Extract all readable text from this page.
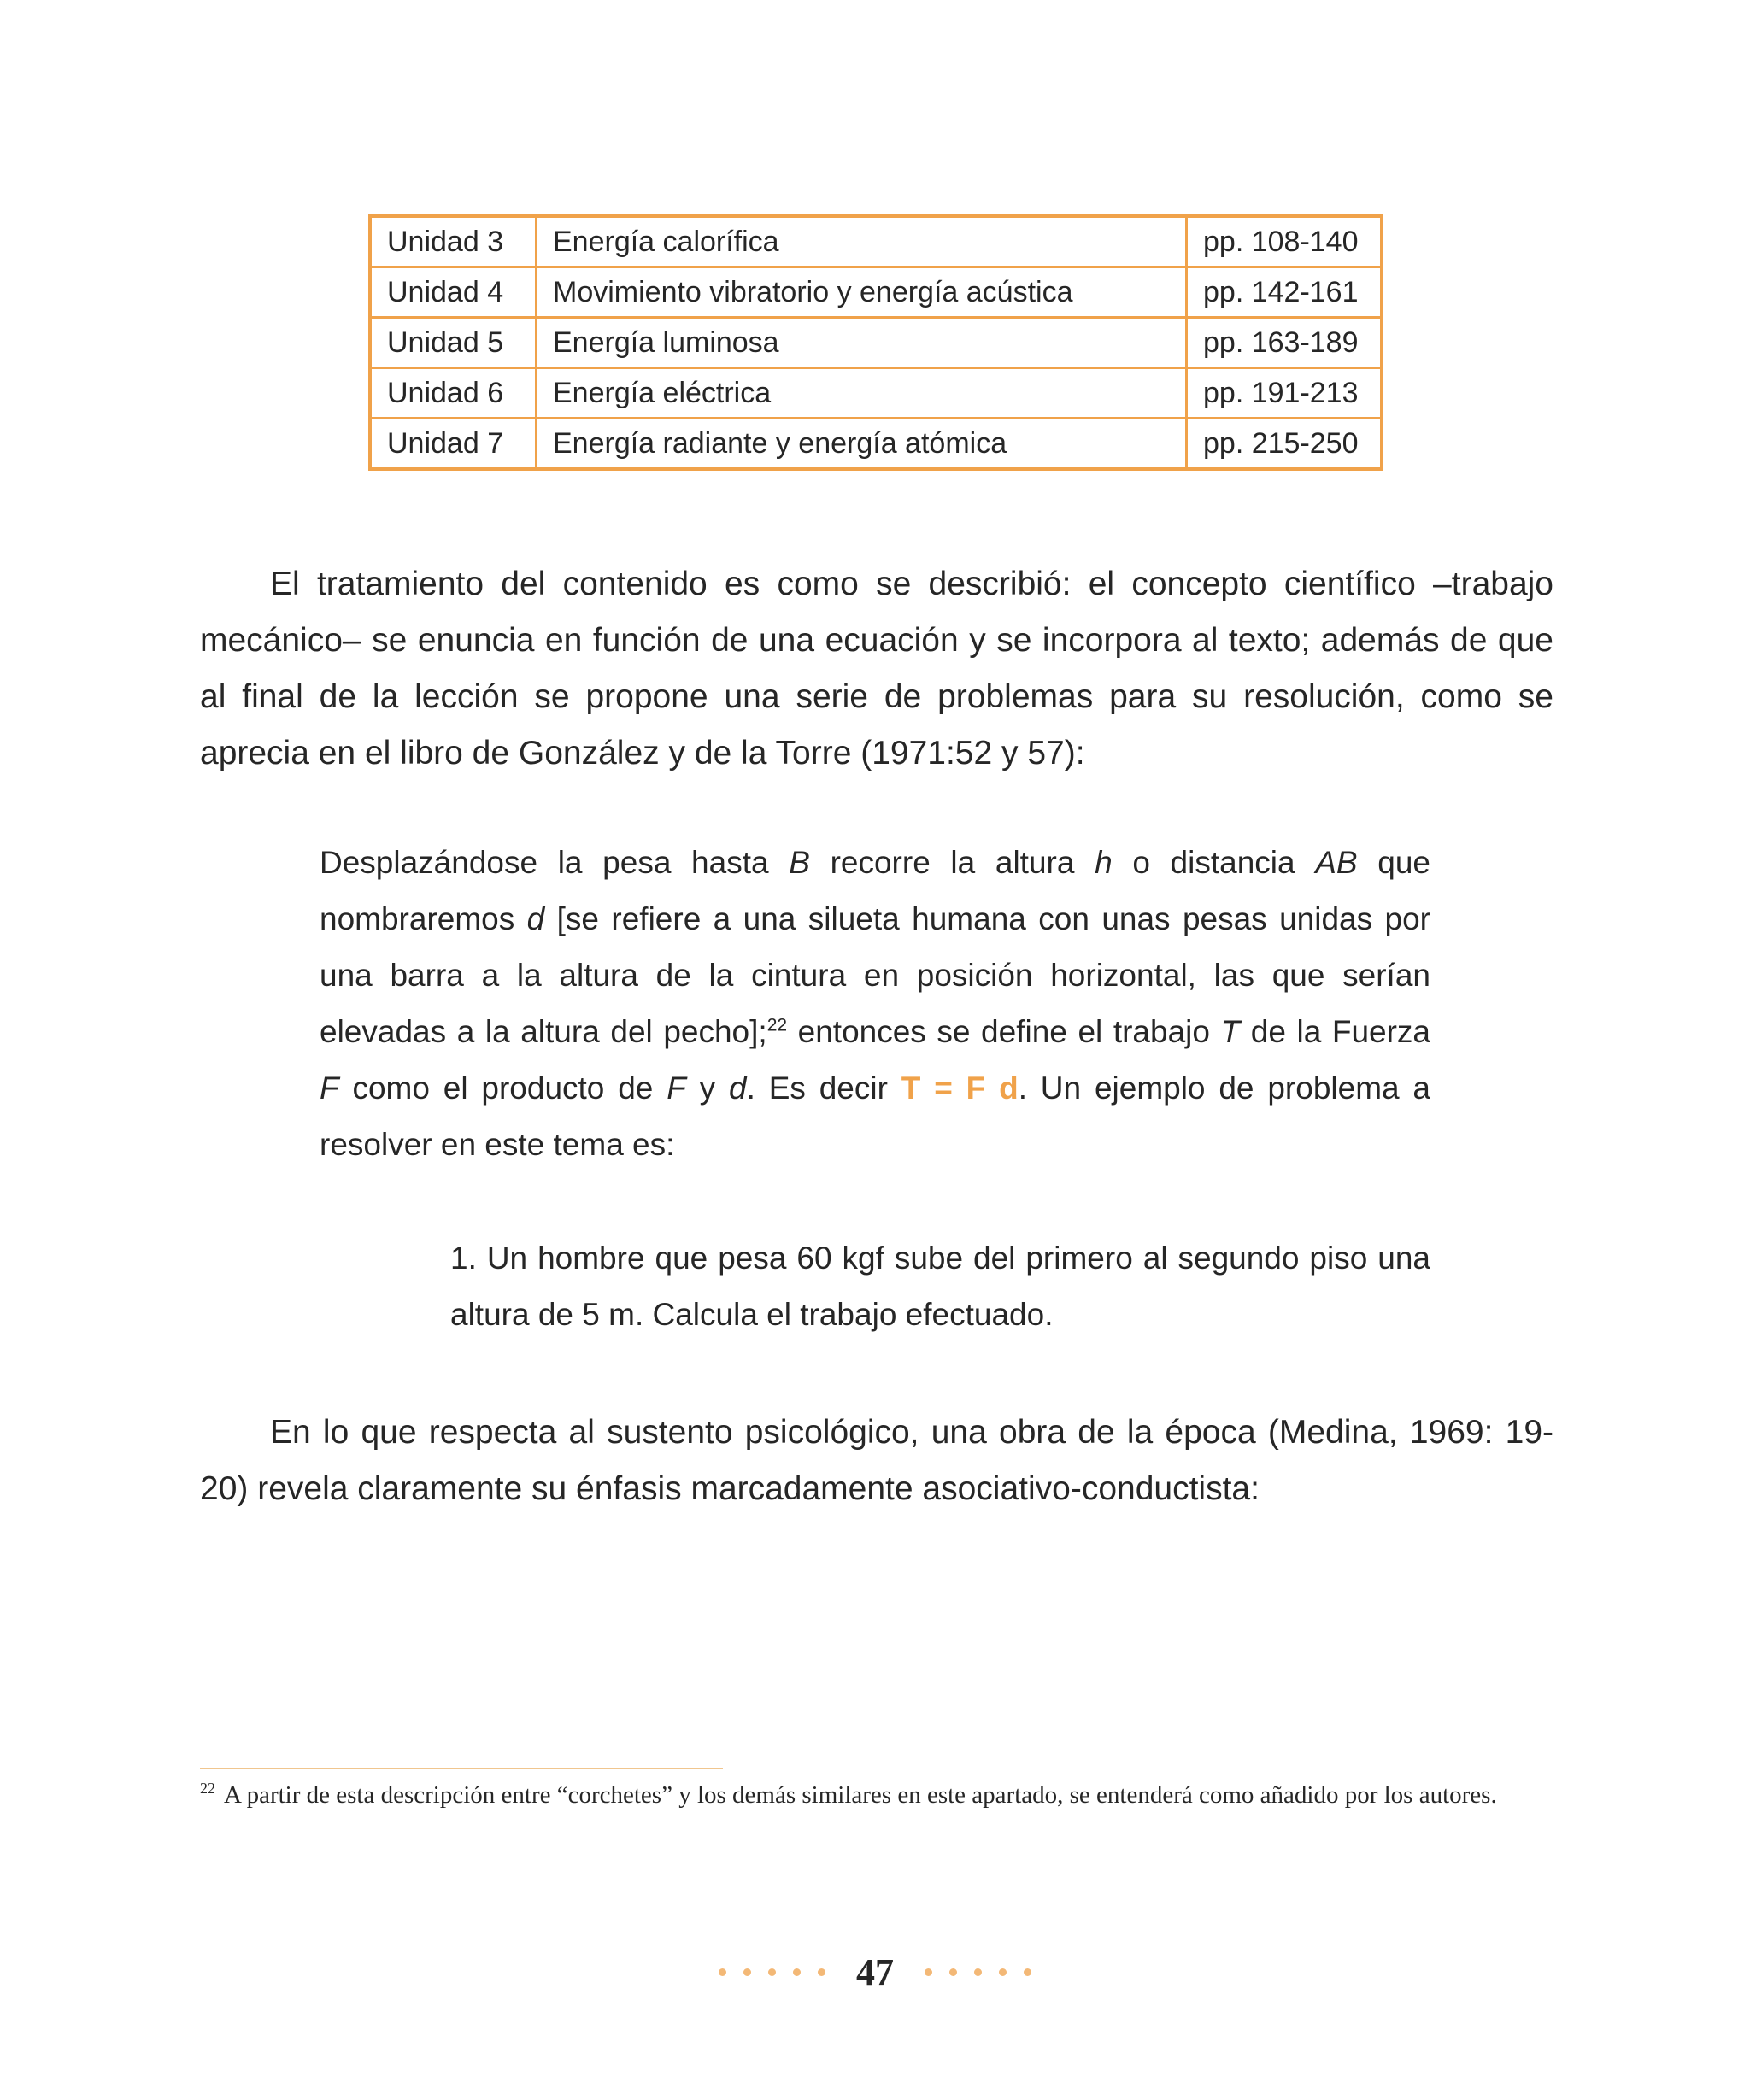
Unidad 3	Energía calorífica	pp. 108-140
Unidad 4	Movimiento vibratorio y energía acústica	pp. 142-161
Unidad 5	Energía luminosa	pp. 163-189
Unidad 6	Energía eléctrica	pp. 191-213
Unidad 7	Energía radiante y energía atómica	pp. 215-250

El tratamiento del contenido es como se describió: el concepto científico –trabajo mecánico– se enuncia en función de una ecuación y se incorpora al texto; además de que al final de la lección se propone una serie de problemas para su resolución, como se aprecia en el libro de González y de la Torre (1971:52 y 57):

Desplazándose la pesa hasta B recorre la altura h o distancia AB que nombraremos d [se refiere a una silueta humana con unas pesas unidas por una barra a la altura de la cintura en posición horizontal, las que serían elevadas a la altura del pecho];$^{22}$ entonces se define el trabajo T de la Fuerza F como el producto de F y d. Es decir T = F d. Un ejemplo de problema a resolver en este tema es:

1. Un hombre que pesa 60 kgf sube del primero al segundo piso una altura de 5 m. Calcula el trabajo efectuado.

En lo que respecta al sustento psicológico, una obra de la época (Medina, 1969: 19-20) revela claramente su énfasis marcadamente asociativo-conductista:

$^{22}$ A partir de esta descripción entre “corchetes” y los demás similares en este apartado, se entenderá como añadido por los autores.

47
